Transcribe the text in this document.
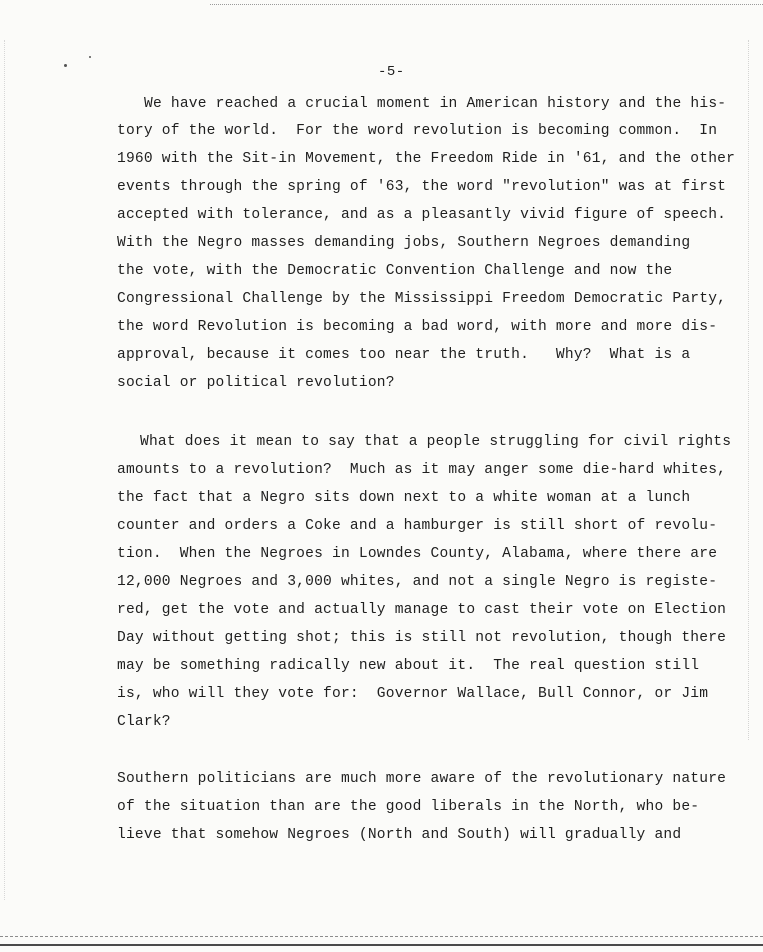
-5-
We have reached a crucial moment in American history and the his-
tory of the world.  For the word revolution is becoming common.  In
1960 with the Sit-in Movement, the Freedom Ride in '61, and the other
events through the spring of '63, the word "revolution" was at first
accepted with tolerance, and as a pleasantly vivid figure of speech.
With the Negro masses demanding jobs, Southern Negroes demanding
the vote, with the Democratic Convention Challenge and now the
Congressional Challenge by the Mississippi Freedom Democratic Party,
the word Revolution is becoming a bad word, with more and more dis-
approval, because it comes too near the truth.   Why?  What is a
social or political revolution?
What does it mean to say that a people struggling for civil rights
amounts to a revolution?  Much as it may anger some die-hard whites,
the fact that a Negro sits down next to a white woman at a lunch
counter and orders a Coke and a hamburger is still short of revolu-
tion.  When the Negroes in Lowndes County, Alabama, where there are
12,000 Negroes and 3,000 whites, and not a single Negro is registe-
red, get the vote and actually manage to cast their vote on Election
Day without getting shot; this is still not revolution, though there
may be something radically new about it.  The real question still
is, who will they vote for:  Governor Wallace, Bull Connor, or Jim
Clark?
Southern politicians are much more aware of the revolutionary nature
of the situation than are the good liberals in the North, who be-
lieve that somehow Negroes (North and South) will gradually and
